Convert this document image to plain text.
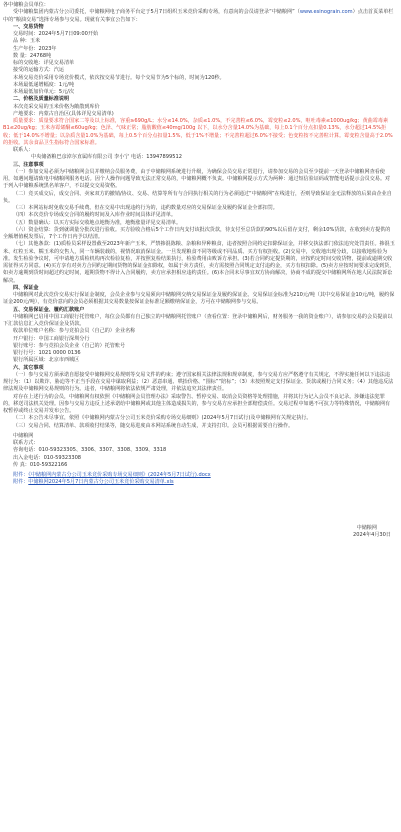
各中储粮会员单位：

受中储粮集团内蒙古分公司委托，中储粮网电子商务平台定于5月7日组织玉米竞价采购专场，有意向的会员请登录“中储粮网”（www.esinograin.com）点击首页菜单栏中的“粮油交易”选择专场参与交易。现就有关事宜公告如下：

一、交易货物

交易时间：2024年5月7日09:00开始

品 种：玉米

生产年份：2023年

数 量：24768吨

标的交收地：详见交易清单

接受的运输方式：汽运

本场交易竞价采用专场竞价模式，依次按交易节进行。每个交易节为5个标的，时间为120秒。

本场最低递增幅度：1元/吨

本场最低加价单元：5元/次

二、价格及质量标准说明

本次竞采交易的玉米价格为敞散到库价

产地要求：内蒙古自治区(具体详见交易清单)

质量要求：质量要求符合国家二等及以上标准，容重≥690g/L；水分≤14.0%，杂质≤1.0%，不完善粒≤6.0%，霉变粒≤2.0%，呕吐毒素≤1000ug/kg；黄曲霉毒素 B1≤20ug/kg；玉米赤霉烯酮≤60ug/kg；色泽、气味正常；脂肪酸值≤40mg/100g 以下，以水分含量14.0%为基础，每上0.1个百分点扣量0.13%，水分超过14.5%拒收；低于14.0%不增量；以杂质含量1.0%为基础，每上0.5个百分点扣量1.5%，低于1%不增量；不完善粒超过6.0%不接受；色变粒按不完善粒计算。霉变粒含量高于2.0%的拒收。其余食品卫生指标符合国家标准。

联系人：

中央储备粮巴彦淖尔直属库有限公司 李小宁 电话：13947899512

三、注意事项

（一）参加交易必须为中储粮网会员并缴纳会员服务费，由于中储粮网系统进行升级，为确保会员交易正常进行，请参加交易的会员至少提前一天登录中储粮网查看使用，如遇问题请致电中储粮网服务电话。因个人操作问题导致无法正常交易的，中储粮网概不负责。中储粮网提示方式为两种：通过短信验证码或智能电话提示会员交易。对于列入中储粮系统黑名单客户，不以提交交易资格。

（二）竞买成交后，成交合同、卖家双方的撤销/协议、交易、结算等所有与合同执行相关的行为必须通过“中储粮网”在线进行，否则导致保证金无法释放的后果由企业自负。

（三）本网站标时免收交易手续费。但在交易中出现违约行为的，违约数量对应的交易保证金及履约保证金全部扣罚。

（四）本次竞价专场成交合同的履约时间及入库作业时间具体详见清单。

（五）数量确认：以买方实际交收地点地衡为准，地衡涨量详见交易清单。

（六）资金结算：货到就调量分批次进行验收。买方验收合格后5个工作日内支付该批次货款，待支付至总货款的90%以后留存支付，剩余10%货款，在收到卖方提供的全额增值税发票后，7个工作日内予以结清。

（七）其他条款：(1)质检员采样设置截至2023年新产玉米。严禁掺混陈粮、杂粮和异种粮食，违者按照合同约定扣除保证金，并移交执法部门依法追究处罚责任。掺混玉米、红粒玉米、糯玉米的交售人，同一车辆装载的，视情况取消保证金。一旦发现粮食不同等级或不同品质、买方有权拒收。(2)交易中，交收地出现分歧，以接收地检验为准。发生检验争议时，可申请地方质检机构再次检验复检，并按照复检结果执行，检验费用由败诉方承担。(3)若合同约定提货期的，应按约定时间交收货物，提前或逾期交收需征得买方同意。(4)买方享有对卖方合同约定期间货物的保证金扣除权，如属于卖方责任，卖方需按照合同规定支付违约金，买方有权扣除。(5)卖方应按时间要求完成到货，如卖方逾期到货时间超过约定时间，超期货物不得计入合同履约，卖方应承担相应违约责任。(6)本合同未尽事宜双方协商解决，协商不成的提交中储粮网所在地人民法院诉讼解决。

四、保证金

中储粮网对此次竞价交易实行保证金制度，会员企业参与交易须向中储粮网交纳交易保证金及履约保证金。交易保证金标准为210元/吨（其中交易保证金10元/吨，履约保证金200元/吨），有竞价意向的会员必须根据其交易数量按保证金标准足额缴纳保证金，方可在中储粮网参与交易。

五、交易保证金、履约汇款账户

中储粮网已启用中国工商银行托管账户，每位会员都有自己独立的中储粮网托管账户（查看位置：登录中储粮网后，财务服务一我的资金账户），请参加交易的会员提前以下汇款信息汇入竞价保证金及货款。

收款单位账户名称：参与竞拍会员（自己的）企业名称

开户银行：中国工商银行深圳分行

银行账号：参与竞拍会员企业（自己的）托管账号

银行行号：1021 0000 0136

银行所属区域：北京市西城区

六、其它事项

（一）参与交易方须承诺自愿接受中储粮网交易规则等交易文件的约束；遵守国家相关法律法规和规章制度，参与交易方应严格遵守有关规定，不得实施任何以下违法违规行为：（1）以欺诈、胁迫等不正当手段在交易中谋取利益；（2）恶意串通、哄抬价格、“围标”“陪标”；（3）未按照规定支付保证金、货款或履行合同义务；（4）其他违反法律法规及中储粮网交易规则的行为。违者，中储粮网将依法依规严肃处理，并依法追究其法律责任。

对存在上述行为的会员，中储粮网有权依照《中储粮网会员管理办法》采取警告、暂停交易、取消会员资格等处理措施，并将其行为记入会员不良记录。涉嫌违法犯罪的，移送司法机关处理。因参与交易方违反上述承诺给中储粮网或其他主体造成损失的，参与交易方应承担全部赔偿责任。交易过程中如遇不可抗力等特殊情况，中储粮网有权暂停或终止交易并发布公告。

（二）本公告未尽事宜，依照《中储粮网内蒙古分公司玉米竞价采购专场交易细则》(2024年5月7日试行)及中储粮网有关规定执行。

（三）交易合同、结算清单、款项收付结果等，随交易进度由本网站系统自动生成，并支持打印。会员可根据需要自行操作。

中储粮网

联系方式：

咨询电话：010-59323305、3306、3307、3308、3309、3318

出入金电话：010-59323308

传 真：010-59322166

附件：《中储粮网内蒙古分公司玉米竞价采购专场交易细则》(2024年5月7日试行).docx

附件：中储粮网2024年5月7日内蒙古分公司玉米竞价采购交易清单.xls

中储粮网

2024年4月30日
